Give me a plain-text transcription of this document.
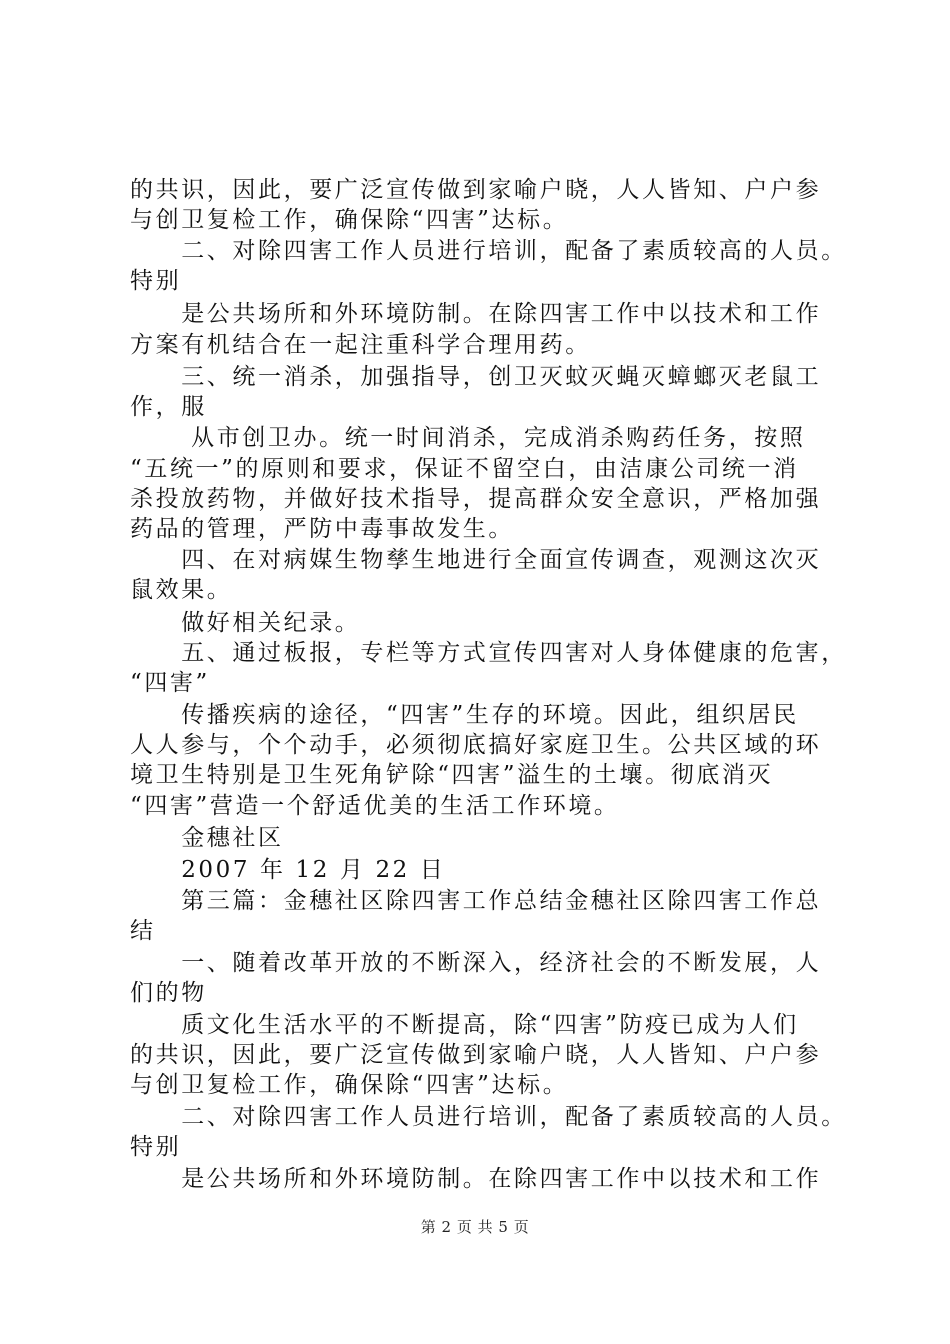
的共识，因此，要广泛宣传做到家喻户晓，人人皆知、户户参
与创卫复检工作，确保除“四害”达标。
　　二、对除四害工作人员进行培训，配备了素质较高的人员。
特别
　　是公共场所和外环境防制。在除四害工作中以技术和工作
方案有机结合在一起注重科学合理用药。
　　三、统一消杀，加强指导，创卫灭蚊灭蝇灭蟑螂灭老鼠工
作，服
　　 从市创卫办。统一时间消杀，完成消杀购药任务，按照
“五统一”的原则和要求，保证不留空白，由洁康公司统一消
杀投放药物，并做好技术指导，提高群众安全意识，严格加强
药品的管理，严防中毒事故发生。
　　四、在对病媒生物孳生地进行全面宣传调查，观测这次灭
鼠效果。
　　做好相关纪录。
　　五、通过板报，专栏等方式宣传四害对人身体健康的危害，
“四害”
　　传播疾病的途径，“四害”生存的环境。因此，组织居民
人人参与，个个动手，必须彻底搞好家庭卫生。公共区域的环
境卫生特别是卫生死角铲除“四害”溢生的土壤。彻底消灭
“四害”营造一个舒适优美的生活工作环境。
　　金穗社区
　　2007 年 12 月 22 日
　　第三篇：金穗社区除四害工作总结金穗社区除四害工作总
结
　　一、随着改革开放的不断深入，经济社会的不断发展，人
们的物
　　质文化生活水平的不断提高，除“四害”防疫已成为人们
的共识，因此，要广泛宣传做到家喻户晓，人人皆知、户户参
与创卫复检工作，确保除“四害”达标。
　　二、对除四害工作人员进行培训，配备了素质较高的人员。
特别
　　是公共场所和外环境防制。在除四害工作中以技术和工作
第 2 页 共 5 页
